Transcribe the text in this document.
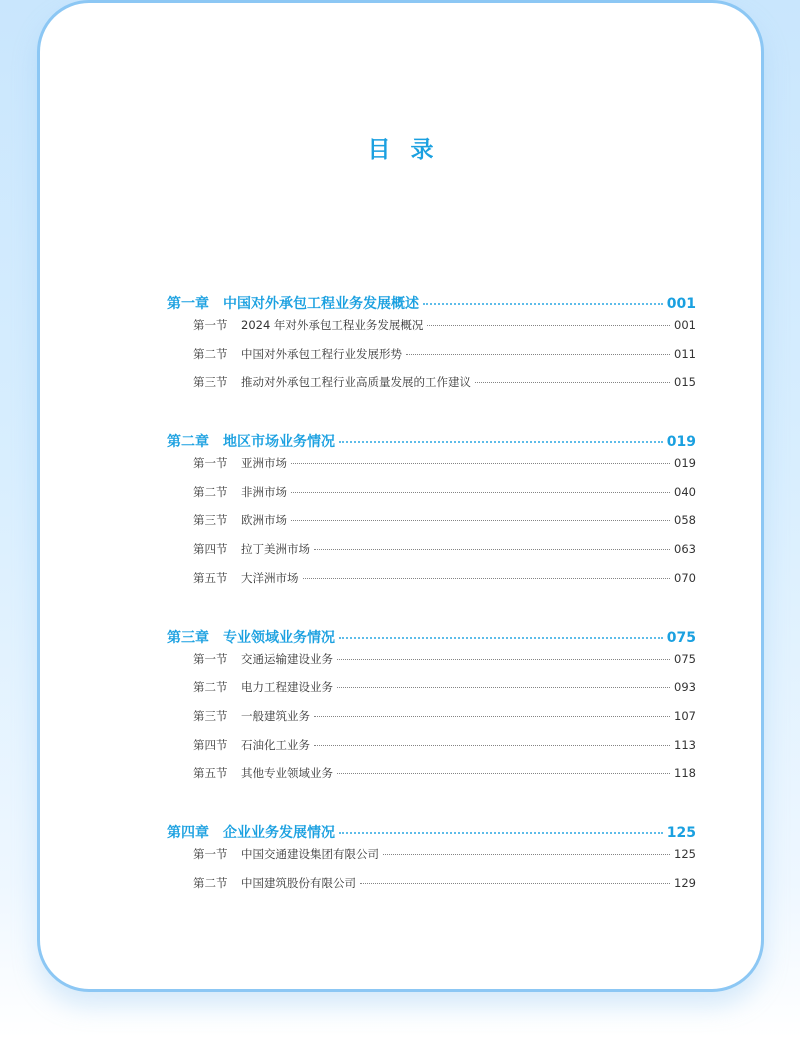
目录
第一章	中国对外承包工程业务发展概述	001
第一节	2024 年对外承包工程业务发展概况	001
第二节	中国对外承包工程行业发展形势	011
第三节	推动对外承包工程行业高质量发展的工作建议	015
第二章	地区市场业务情况	019
第一节	亚洲市场	019
第二节	非洲市场	040
第三节	欧洲市场	058
第四节	拉丁美洲市场	063
第五节	大洋洲市场	070
第三章	专业领域业务情况	075
第一节	交通运输建设业务	075
第二节	电力工程建设业务	093
第三节	一般建筑业务	107
第四节	石油化工业务	113
第五节	其他专业领域业务	118
第四章	企业业务发展情况	125
第一节	中国交通建设集团有限公司	125
第二节	中国建筑股份有限公司	129
